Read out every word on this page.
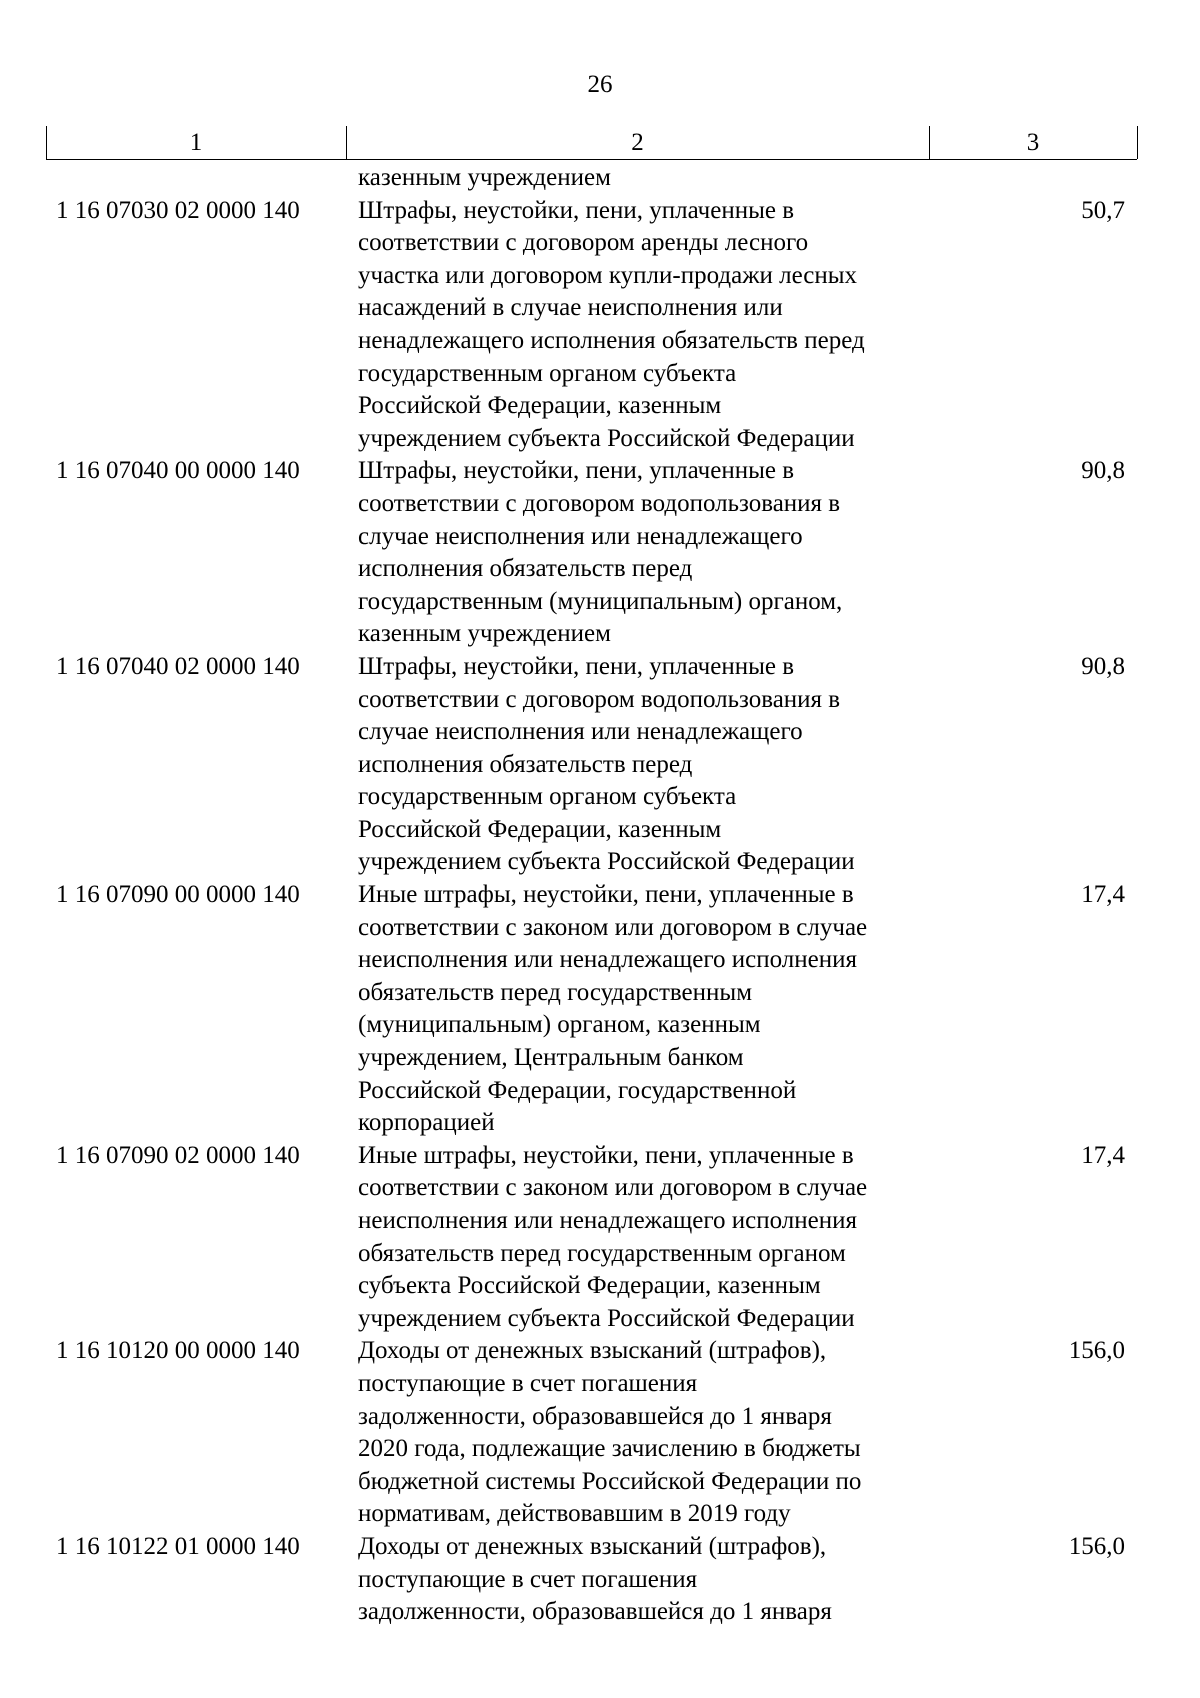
26
1	2	3
казенным учреждением
1 16 07030 02 0000 140	Штрафы, неустойки, пени, уплаченные в
соответствии с договором аренды лесного
участка или договором купли-продажи лесных
насаждений в случае неисполнения или
ненадлежащего исполнения обязательств перед
государственным органом субъекта
Российской Федерации, казенным
учреждением субъекта Российской Федерации
50,7
1 16 07040 00 0000 140	Штрафы, неустойки, пени, уплаченные в
соответствии с договором водопользования в
случае неисполнения или ненадлежащего
исполнения обязательств перед
государственным (муниципальным) органом,
казенным учреждением
90,8
1 16 07040 02 0000 140	Штрафы, неустойки, пени, уплаченные в
соответствии с договором водопользования в
случае неисполнения или ненадлежащего
исполнения обязательств перед
государственным органом субъекта
Российской Федерации, казенным
учреждением субъекта Российской Федерации
90,8
1 16 07090 00 0000 140	Иные штрафы, неустойки, пени, уплаченные в
соответствии с законом или договором в случае
неисполнения или ненадлежащего исполнения
обязательств перед государственным
(муниципальным) органом, казенным
учреждением, Центральным банком
Российской Федерации, государственной
корпорацией
17,4
1 16 07090 02 0000 140	Иные штрафы, неустойки, пени, уплаченные в
соответствии с законом или договором в случае
неисполнения или ненадлежащего исполнения
обязательств перед государственным органом
субъекта Российской Федерации, казенным
учреждением субъекта Российской Федерации
17,4
1 16 10120 00 0000 140	Доходы от денежных взысканий (штрафов),
поступающие в счет погашения
задолженности, образовавшейся до 1 января
2020 года, подлежащие зачислению в бюджеты
бюджетной системы Российской Федерации по
нормативам, действовавшим в 2019 году
156,0
1 16 10122 01 0000 140	Доходы от денежных взысканий (штрафов),
поступающие в счет погашения
задолженности, образовавшейся до 1 января
156,0
